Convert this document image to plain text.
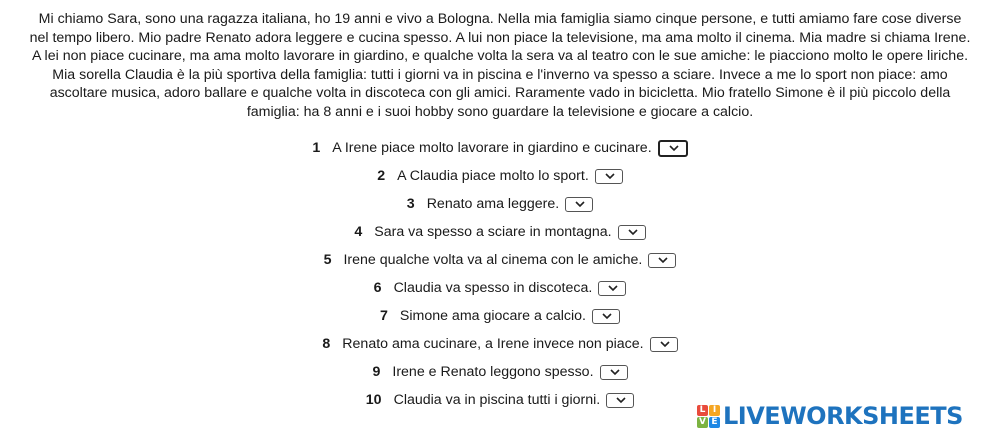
Mi chiamo Sara, sono una ragazza italiana, ho 19 anni e vivo a Bologna. Nella mia famiglia siamo cinque persone, e tutti amiamo fare cose diverse
nel tempo libero. Mio padre Renato adora leggere e cucina spesso. A lui non piace la televisione, ma ama molto il cinema. Mia madre si chiama Irene.
A lei non piace cucinare, ma ama molto lavorare in giardino, e qualche volta la sera va al teatro con le sue amiche: le piacciono molto le opere liriche.
Mia sorella Claudia è la più sportiva della famiglia: tutti i giorni va in piscina e l'inverno va spesso a sciare. Invece a me lo sport non piace: amo
ascoltare musica, adoro ballare e qualche volta in discoteca con gli amici. Raramente vado in bicicletta. Mio fratello Simone è il più piccolo della
famiglia: ha 8 anni e i suoi hobby sono guardare la televisione e giocare a calcio.
1 A Irene piace molto lavorare in giardino e cucinare.
2 A Claudia piace molto lo sport.
3 Renato ama leggere.
4 Sara va spesso a sciare in montagna.
5 Irene qualche volta va al cinema con le amiche.
6 Claudia va spesso in discoteca.
7 Simone ama giocare a calcio.
8 Renato ama cucinare, a Irene invece non piace.
9 Irene e Renato leggono spesso.
10 Claudia va in piscina tutti i giorni.
L I
V E LIVEWORKSHEETS
